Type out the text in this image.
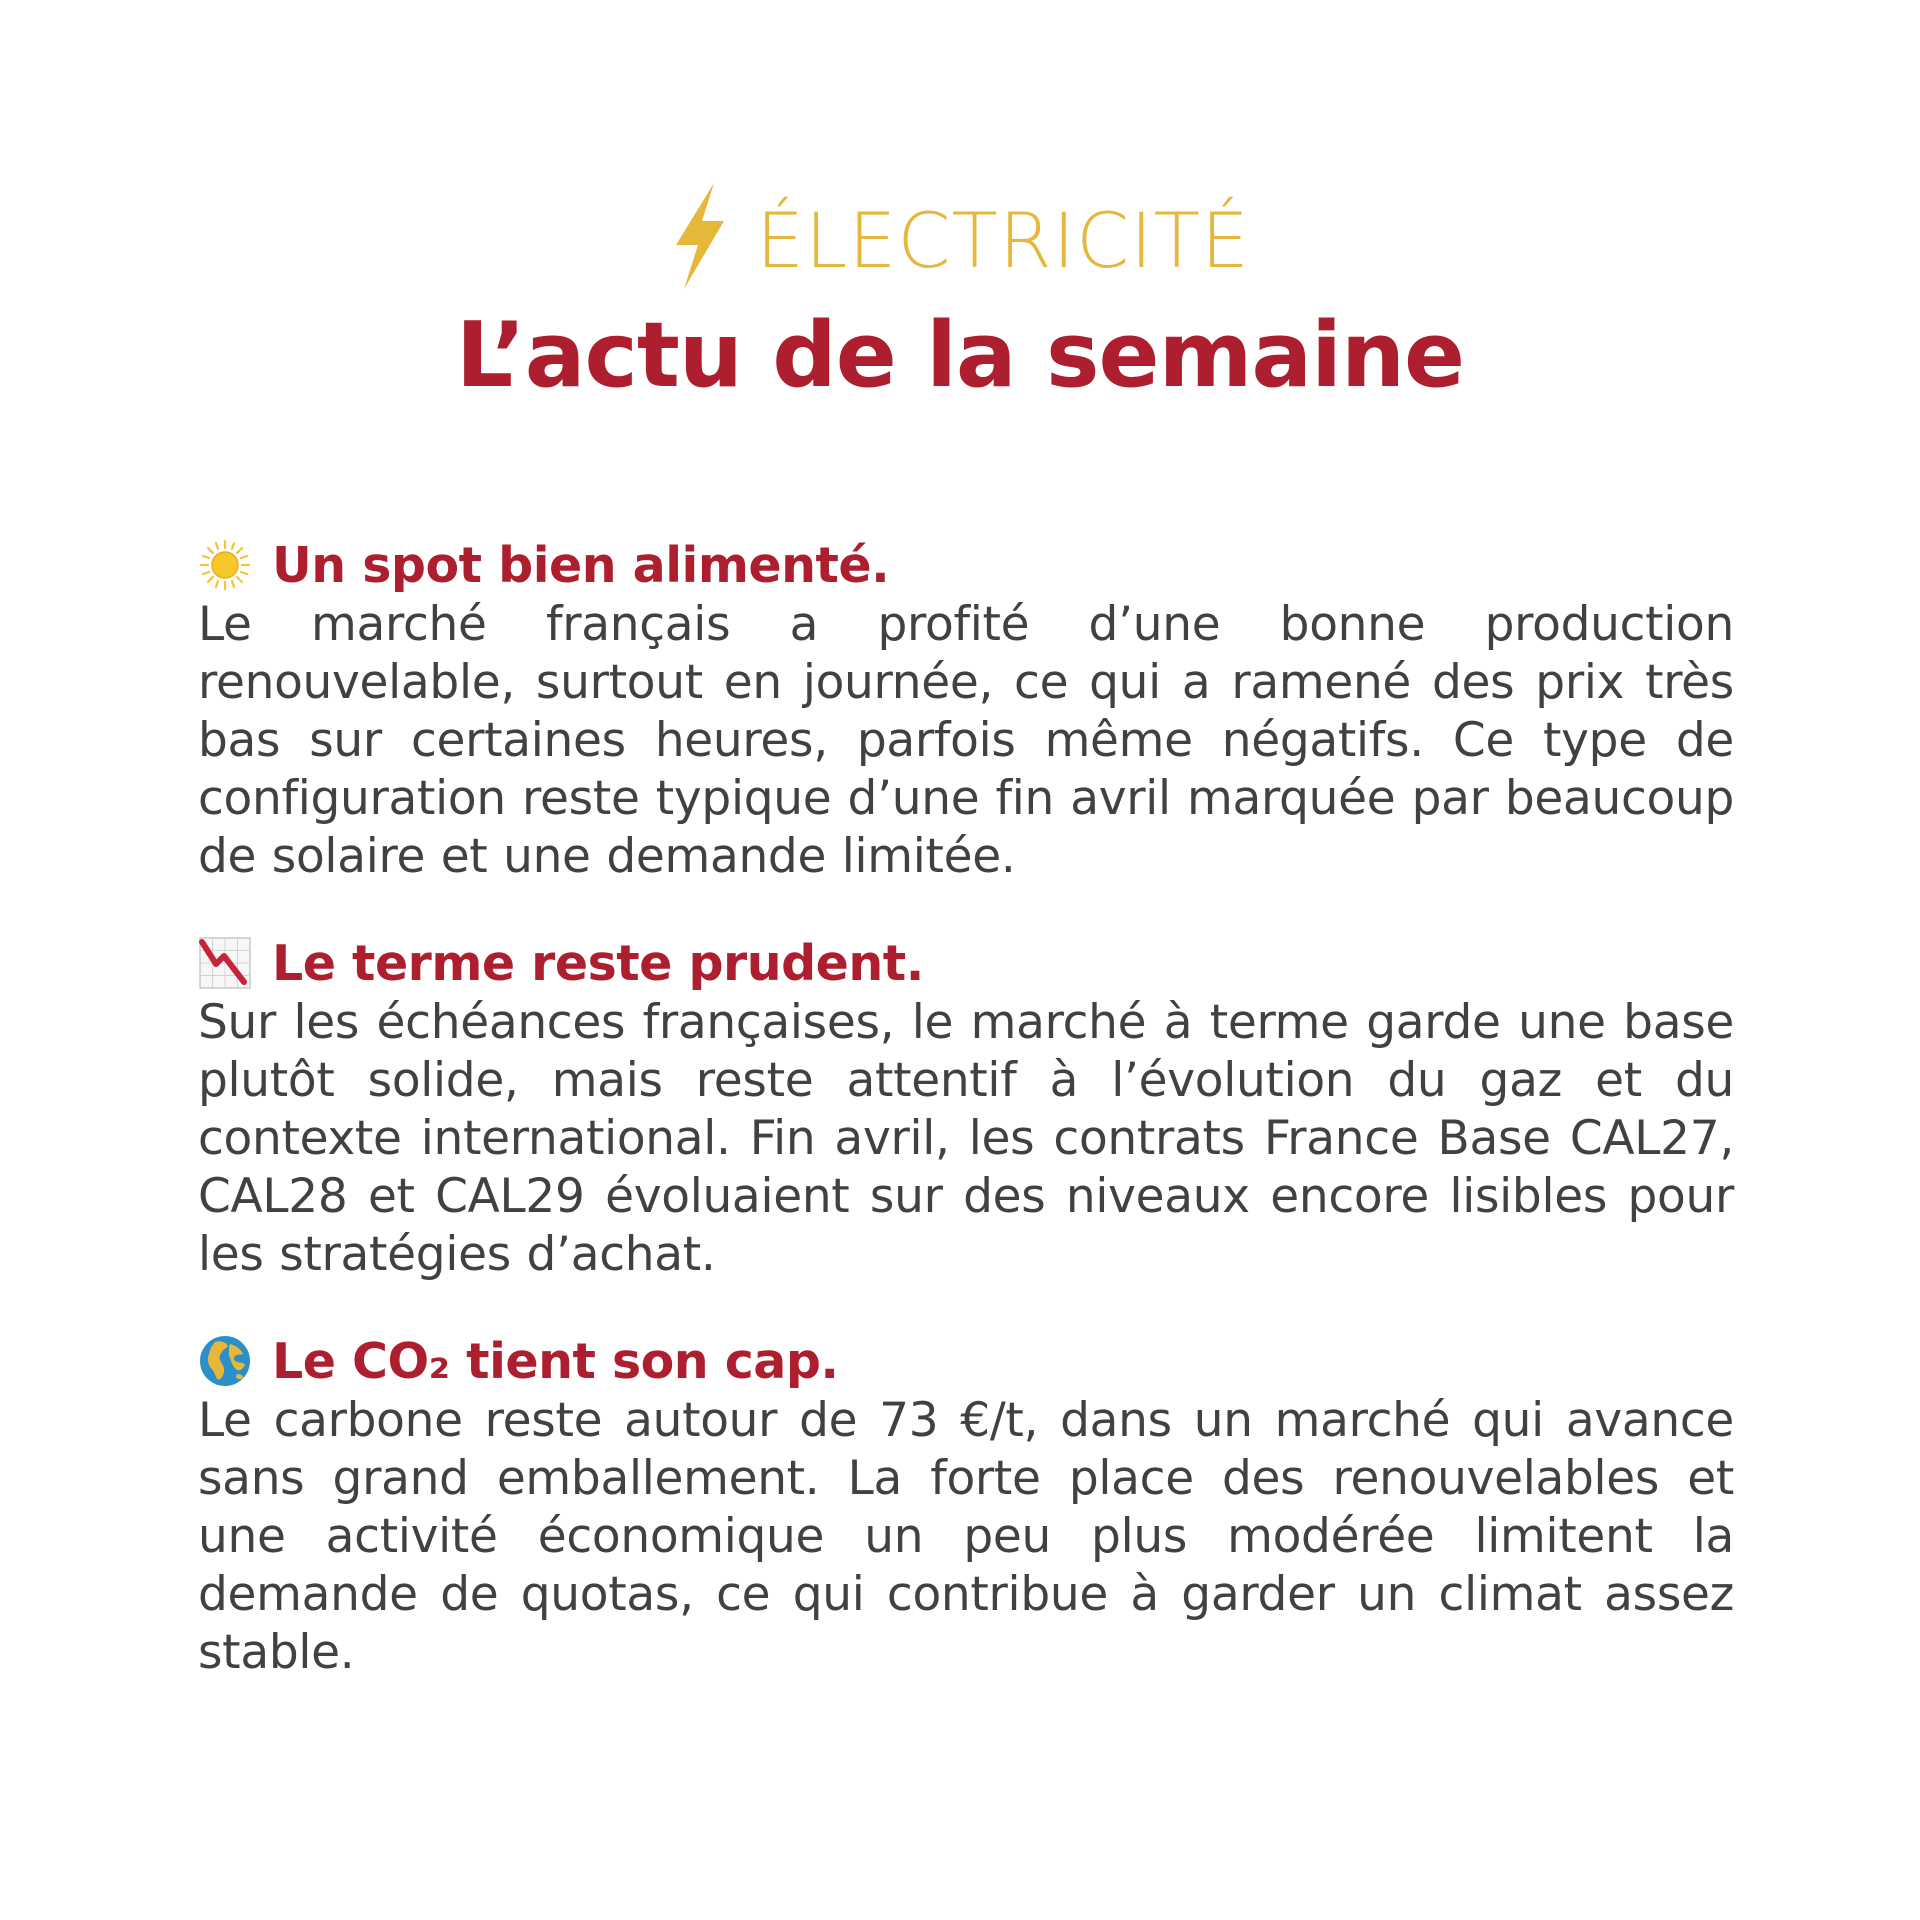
ÉLECTRICITÉ
L’actu de la semaine
Un spot bien alimenté.

Le marché français a profité d’une bonne production renouvelable, surtout en journée, ce qui a ramené des prix très bas sur certaines heures, parfois même négatifs. Ce type de configuration reste typique d’une fin avril marquée par beaucoup de solaire et une demande limitée.

Le terme reste prudent.

Sur les échéances françaises, le marché à terme garde une base plutôt solide, mais reste attentif à l’évolution du gaz et du contexte international. Fin avril, les contrats France Base CAL27, CAL28 et CAL29 évoluaient sur des niveaux encore lisibles pour les stratégies d’achat.

Le CO₂ tient son cap.

Le carbone reste autour de 73 €/t, dans un marché qui avance sans grand emballement. La forte place des renouvelables et une activité économique un peu plus modérée limitent la demande de quotas, ce qui contribue à garder un climat assez stable.
